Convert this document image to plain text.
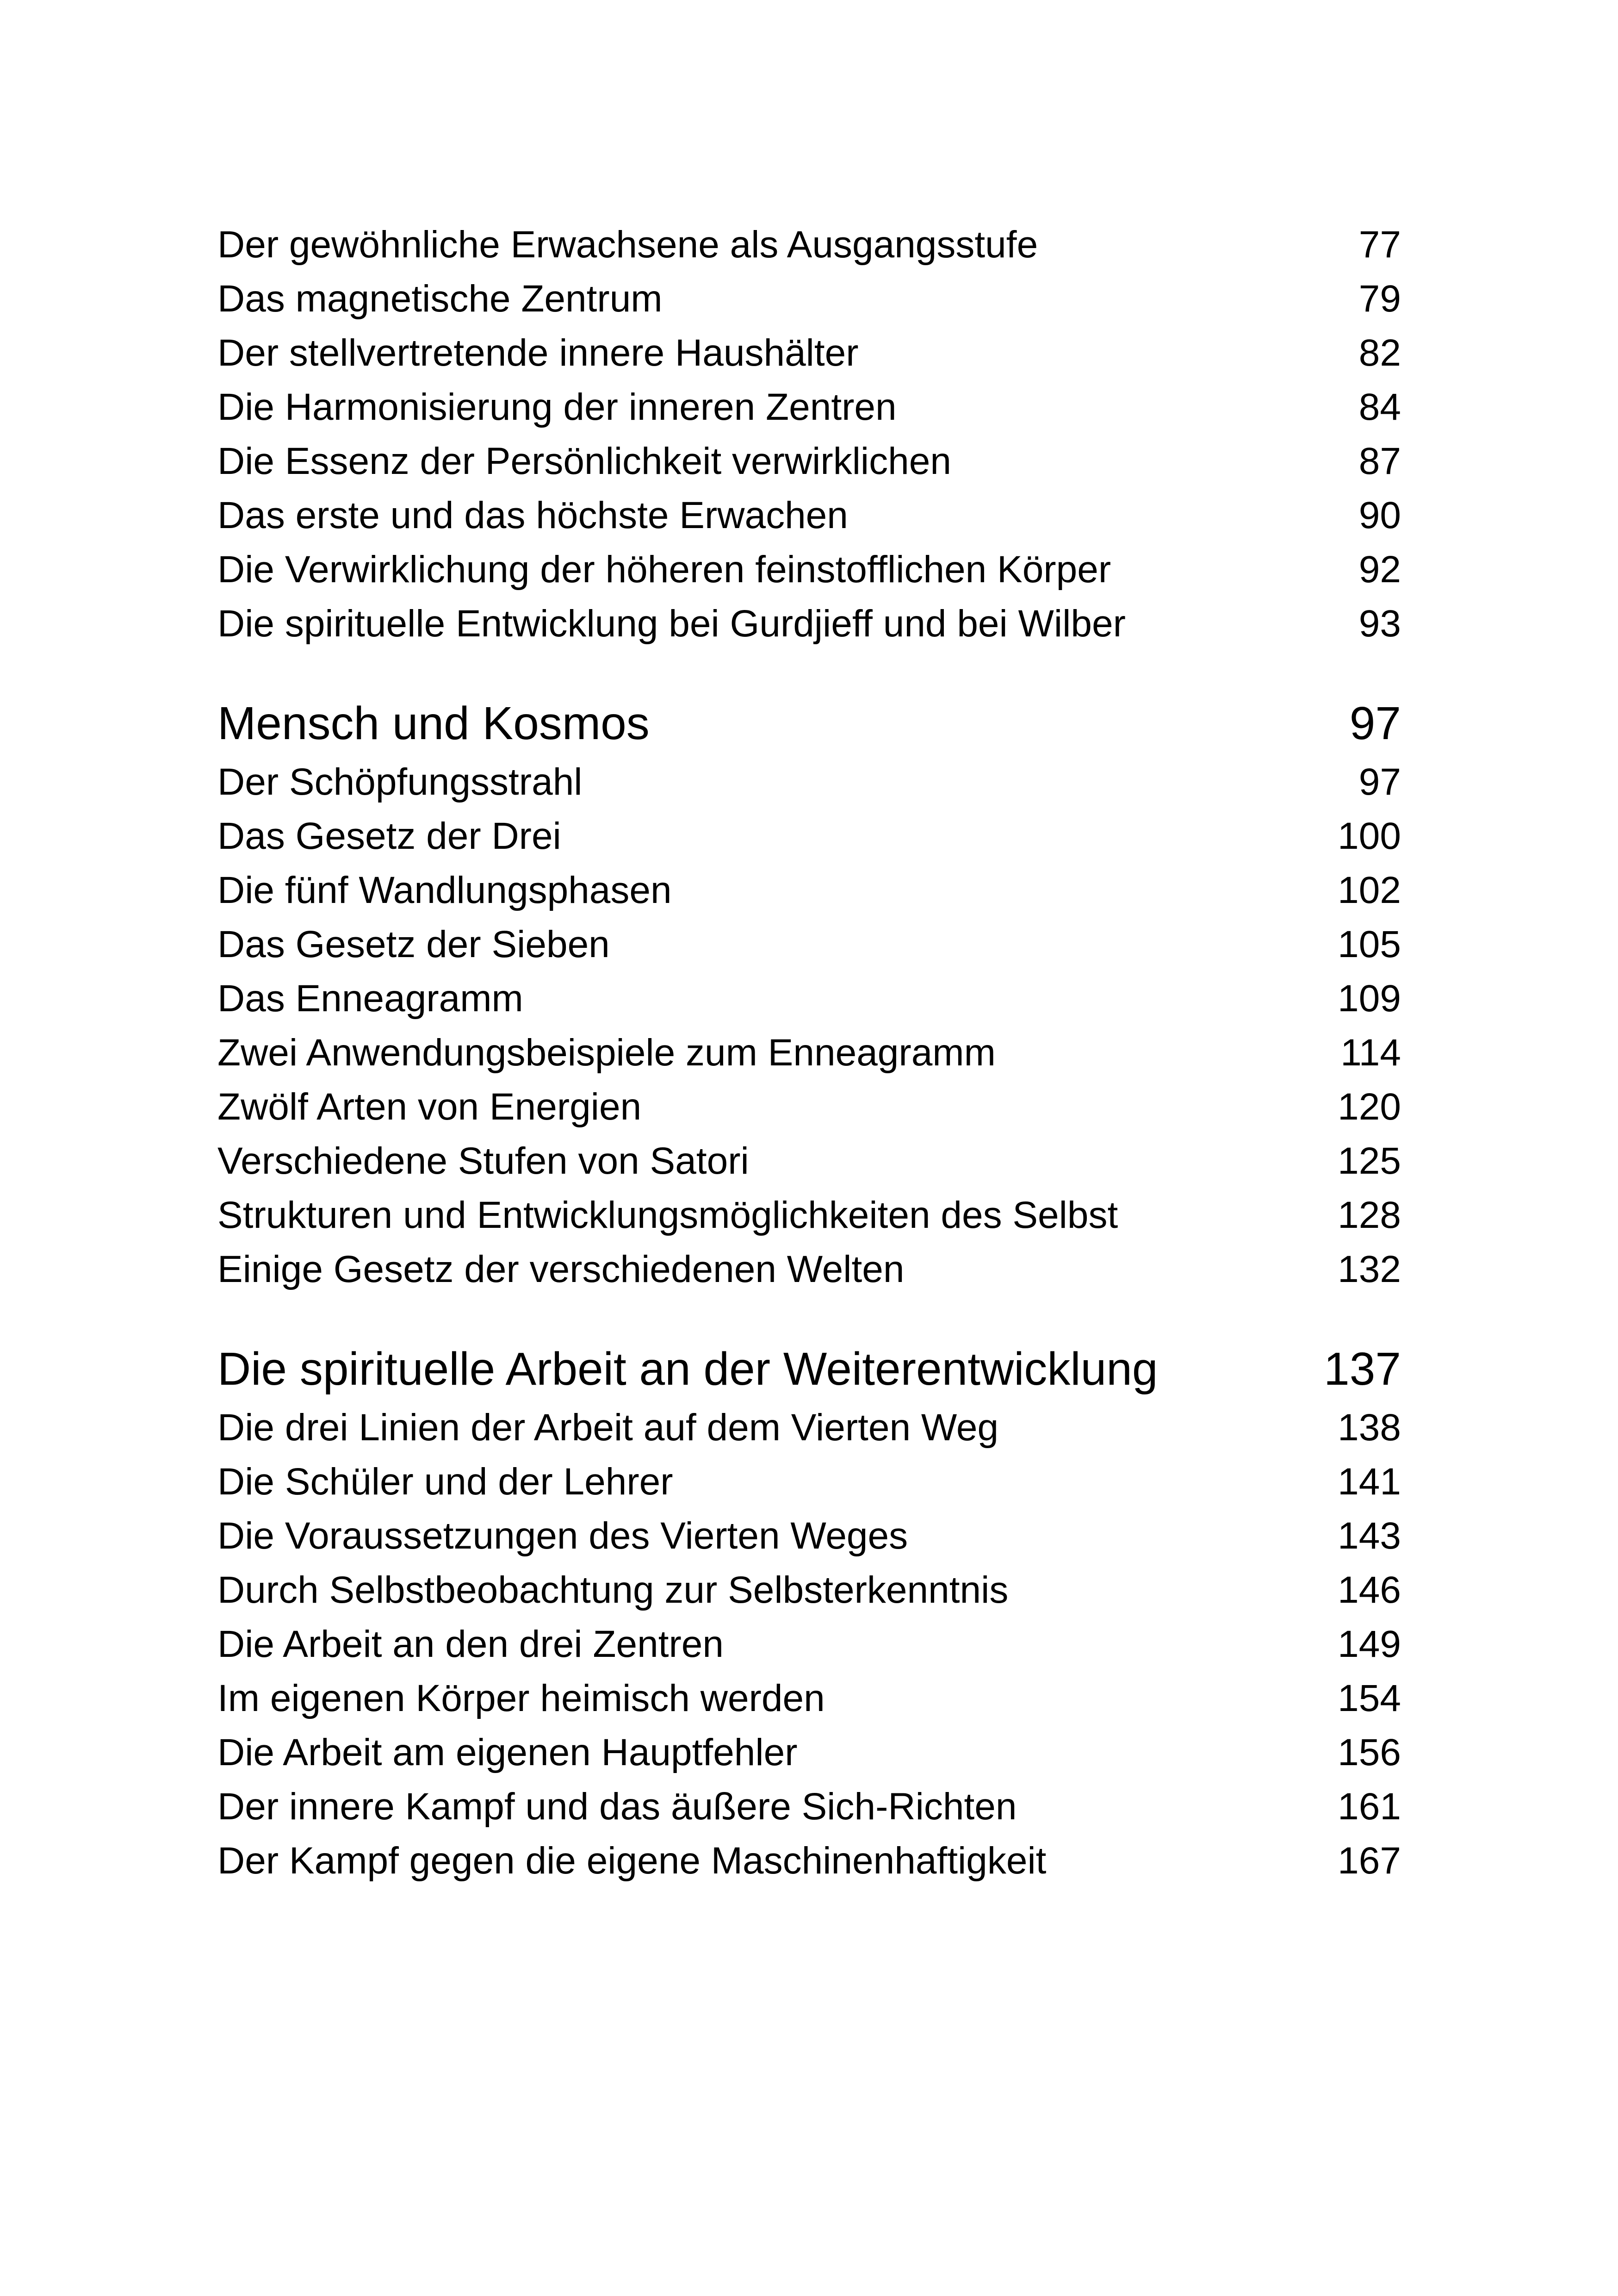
Der gewöhnliche Erwachsene als Ausgangsstufe	77
Das magnetische Zentrum	79
Der stellvertretende innere Haushälter	82
Die Harmonisierung der inneren Zentren	84
Die Essenz der Persönlichkeit verwirklichen	87
Das erste und das höchste Erwachen	90
Die Verwirklichung der höheren feinstofflichen Körper	92
Die spirituelle Entwicklung bei Gurdjieff und bei Wilber	93
Mensch und Kosmos	97
Der Schöpfungsstrahl	97
Das Gesetz der Drei	100
Die fünf Wandlungsphasen	102
Das Gesetz der Sieben	105
Das Enneagramm	109
Zwei Anwendungsbeispiele zum Enneagramm	114
Zwölf Arten von Energien	120
Verschiedene Stufen von Satori	125
Strukturen und Entwicklungsmöglichkeiten des Selbst	128
Einige Gesetz der verschiedenen Welten	132
Die spirituelle Arbeit an der Weiterentwicklung	137
Die drei Linien der Arbeit auf dem Vierten Weg	138
Die Schüler und der Lehrer	141
Die Voraussetzungen des Vierten Weges	143
Durch Selbstbeobachtung zur Selbsterkenntnis	146
Die Arbeit an den drei Zentren	149
Im eigenen Körper heimisch werden	154
Die Arbeit am eigenen Hauptfehler	156
Der innere Kampf und das äußere Sich-Richten	161
Der Kampf gegen die eigene Maschinenhaftigkeit	167
